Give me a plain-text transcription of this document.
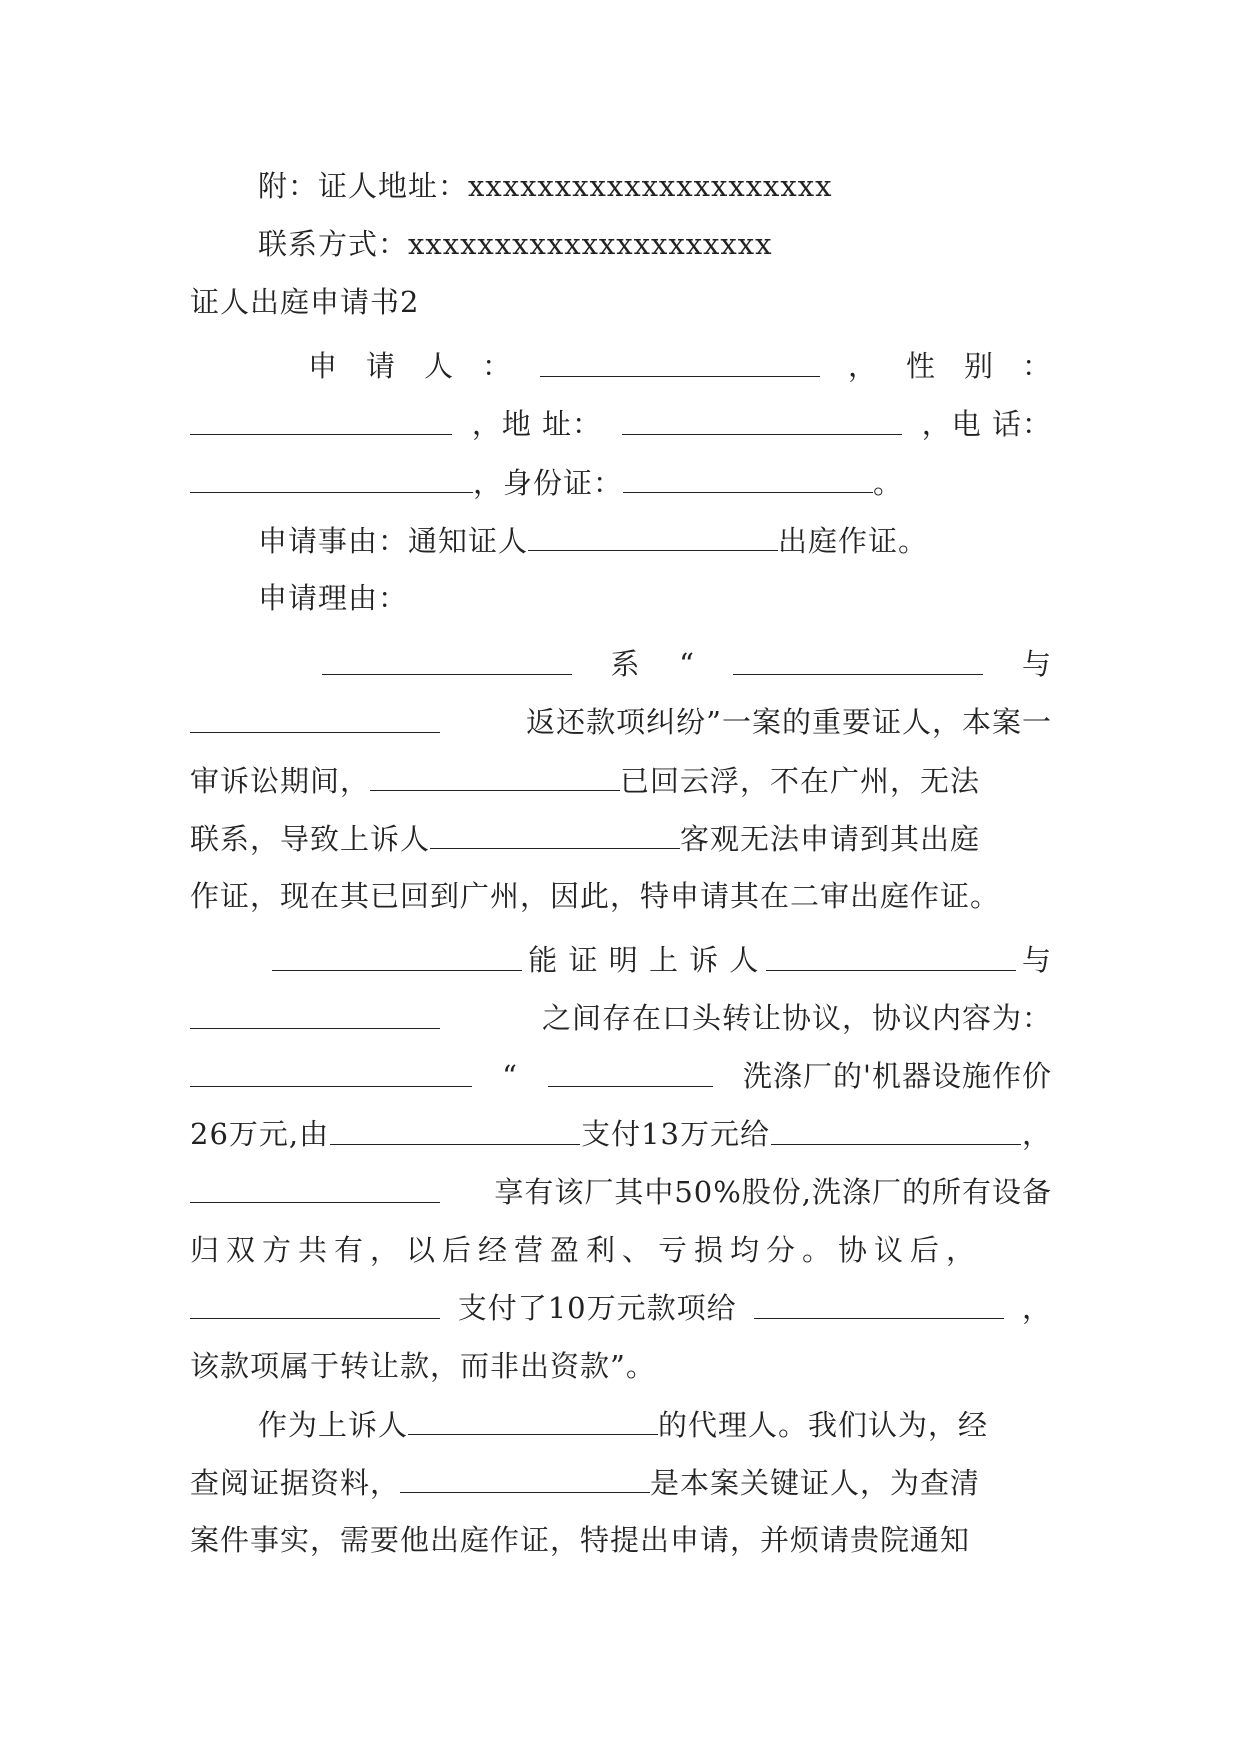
附：证人地址：xxxxxxxxxxxxxxxxxxxxx
联系方式：xxxxxxxxxxxxxxxxxxxxx
证人出庭申请书2
申 请 人 ：	， 性 别 ：
，地 址：	，电 话：
，身份证：	。
申请事由：通知证人	出庭作证。
申请理由：
系 “	与
返还款项纠纷”一案的重要证人，本案一
审诉讼期间，	已回云浮，不在广州，无法
联系，导致上诉人	客观无法申请到其出庭
作证，现在其已回到广州，因此，特申请其在二审出庭作证。
能 证 明 上 诉 人	与
之间存在口头转让协议，协议内容为：
“	洗涤厂的'机器设施作价
26万元,由	支付13万元给	，
享有该厂其中50%股份,洗涤厂的所有设备
归双方共有，以后经营盈利、亏损均分。协议后，
支付了10万元款项给	，
该款项属于转让款，而非出资款”。
作为上诉人	的代理人。我们认为，经
查阅证据资料，	是本案关键证人，为查清
案件事实，需要他出庭作证，特提出申请，并烦请贵院通知
